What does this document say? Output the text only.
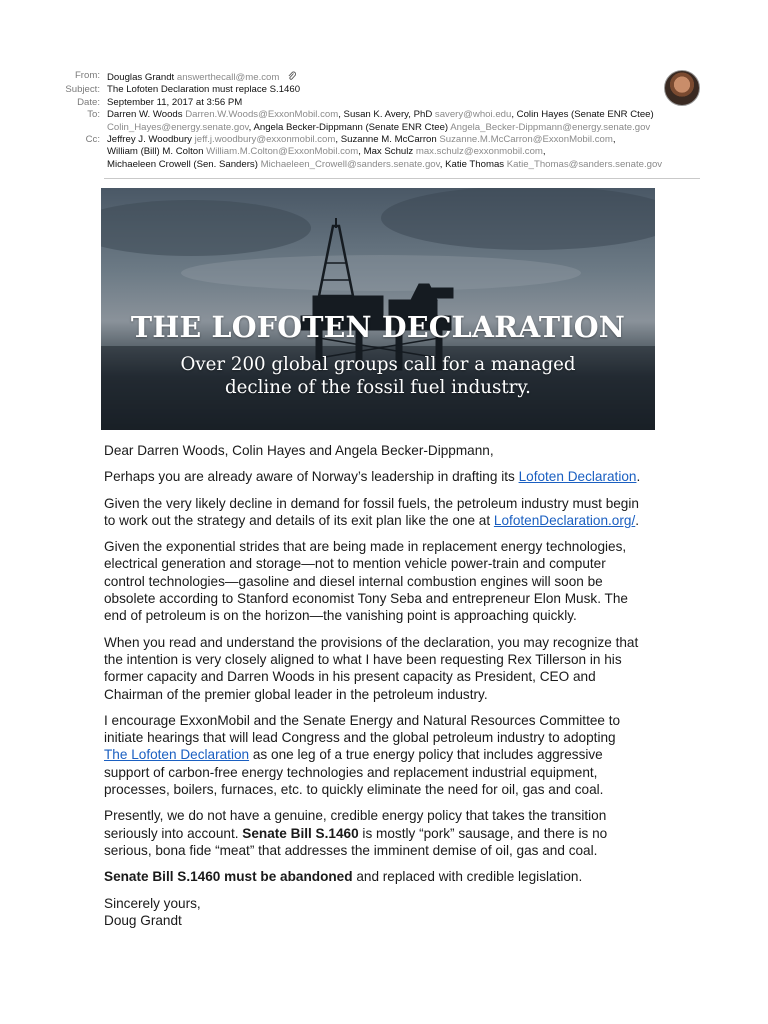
From: Douglas Grandt answerthecall@me.com
Subject: The Lofoten Declaration must replace S.1460
Date: September 11, 2017 at 3:56 PM
To: Darren W. Woods Darren.W.Woods@ExxonMobil.com, Susan K. Avery, PhD savery@whoi.edu, Colin Hayes (Senate ENR Ctee)
Colin_Hayes@energy.senate.gov, Angela Becker-Dippmann (Senate ENR Ctee) Angela_Becker-Dippmann@energy.senate.gov
Cc: Jeffrey J. Woodbury jeff.j.woodbury@exxonmobil.com, Suzanne M. McCarron Suzanne.M.McCarron@ExxonMobil.com,
William (Bill) M. Colton William.M.Colton@ExxonMobil.com, Max Schulz max.schulz@exxonmobil.com,
Michaeleen Crowell (Sen. Sanders) Michaeleen_Crowell@sanders.senate.gov, Katie Thomas Katie_Thomas@sanders.senate.gov
THE LOFOTEN DECLARATION
Over 200 global groups call for a managed
decline of the fossil fuel industry.

Dear Darren Woods, Colin Hayes and Angela Becker-Dippmann,

Perhaps you are already aware of Norway’s leadership in drafting its Lofoten Declaration.

Given the very likely decline in demand for fossil fuels, the petroleum industry must begin
to work out the strategy and details of its exit plan like the one at LofotenDeclaration.org/.

Given the exponential strides that are being made in replacement energy technologies,
electrical generation and storage—not to mention vehicle power-train and computer
control technologies—gasoline and diesel internal combustion engines will soon be
obsolete according to Stanford economist Tony Seba and entrepreneur Elon Musk. The
end of petroleum is on the horizon—the vanishing point is approaching quickly.

When you read and understand the provisions of the declaration, you may recognize that
the intention is very closely aligned to what I have been requesting Rex Tillerson in his
former capacity and Darren Woods in his present capacity as President, CEO and
Chairman of the premier global leader in the petroleum industry.

I encourage ExxonMobil and the Senate Energy and Natural Resources Committee to
initiate hearings that will lead Congress and the global petroleum industry to adopting
The Lofoten Declaration as one leg of a true energy policy that includes aggressive
support of carbon-free energy technologies and replacement industrial equipment,
processes, boilers, furnaces, etc. to quickly eliminate the need for oil, gas and coal.

Presently, we do not have a genuine, credible energy policy that takes the transition
seriously into account. Senate Bill S.1460 is mostly “pork” sausage, and there is no
serious, bona fide “meat” that addresses the imminent demise of oil, gas and coal.

Senate Bill S.1460 must be abandoned and replaced with credible legislation.

Sincerely yours,
Doug Grandt
